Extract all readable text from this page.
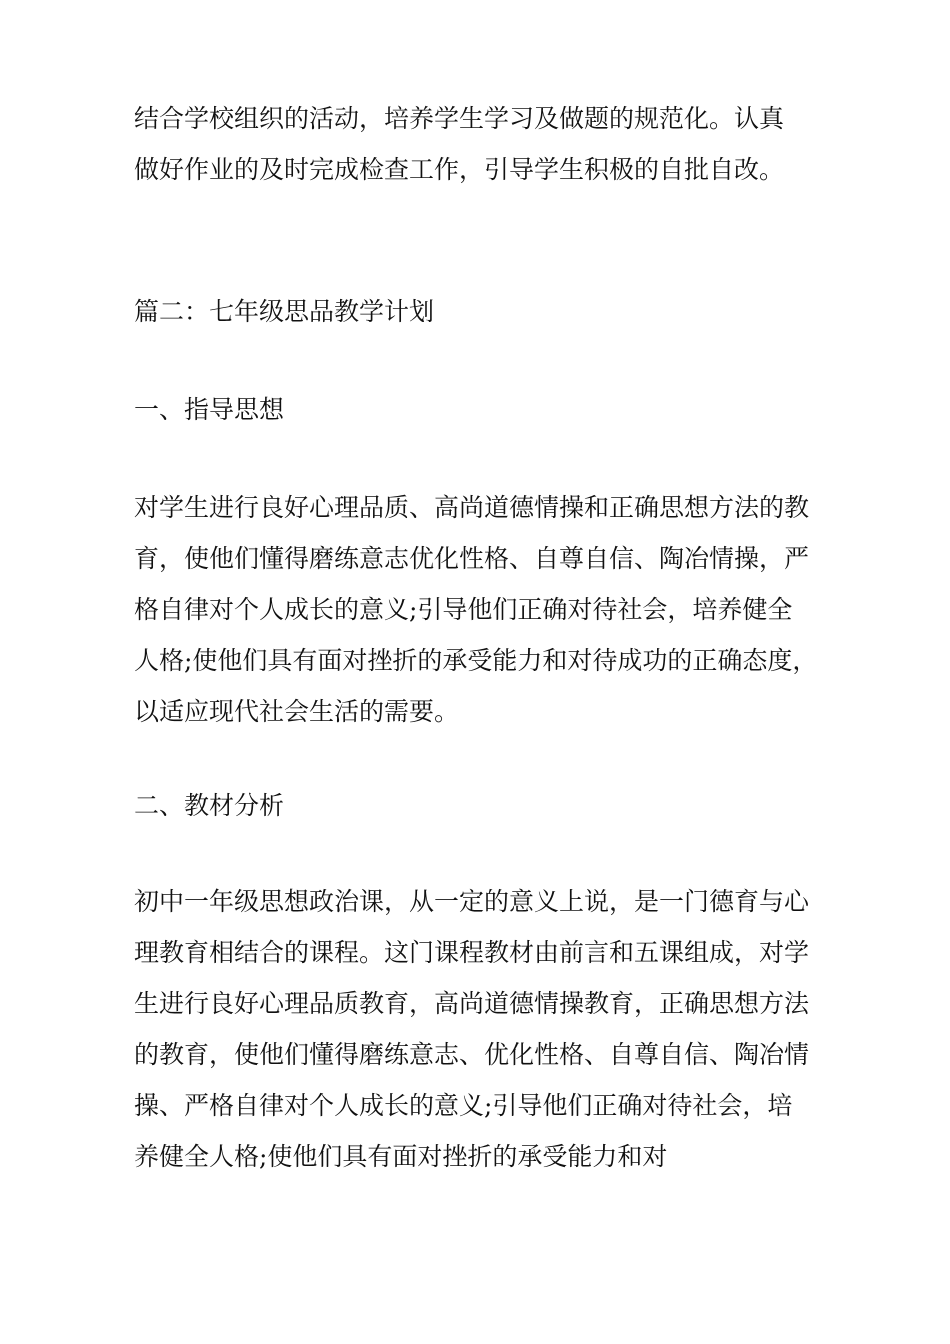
结合学校组织的活动，培养学生学习及做题的规范化。认真

做好作业的及时完成检查工作，引导学生积极的自批自改。

篇二：七年级思品教学计划

一、指导思想

对学生进行良好心理品质、高尚道德情操和正确思想方法的教

育，使他们懂得磨练意志优化性格、自尊自信、陶冶情操，严

格自律对个人成长的意义;引导他们正确对待社会，培养健全

人格;使他们具有面对挫折的承受能力和对待成功的正确态度，

以适应现代社会生活的需要。

二、教材分析

初中一年级思想政治课，从一定的意义上说，是一门德育与心

理教育相结合的课程。这门课程教材由前言和五课组成，对学

生进行良好心理品质教育，高尚道德情操教育，正确思想方法

的教育，使他们懂得磨练意志、优化性格、自尊自信、陶冶情

操、严格自律对个人成长的意义;引导他们正确对待社会，培

养健全人格;使他们具有面对挫折的承受能力和对
